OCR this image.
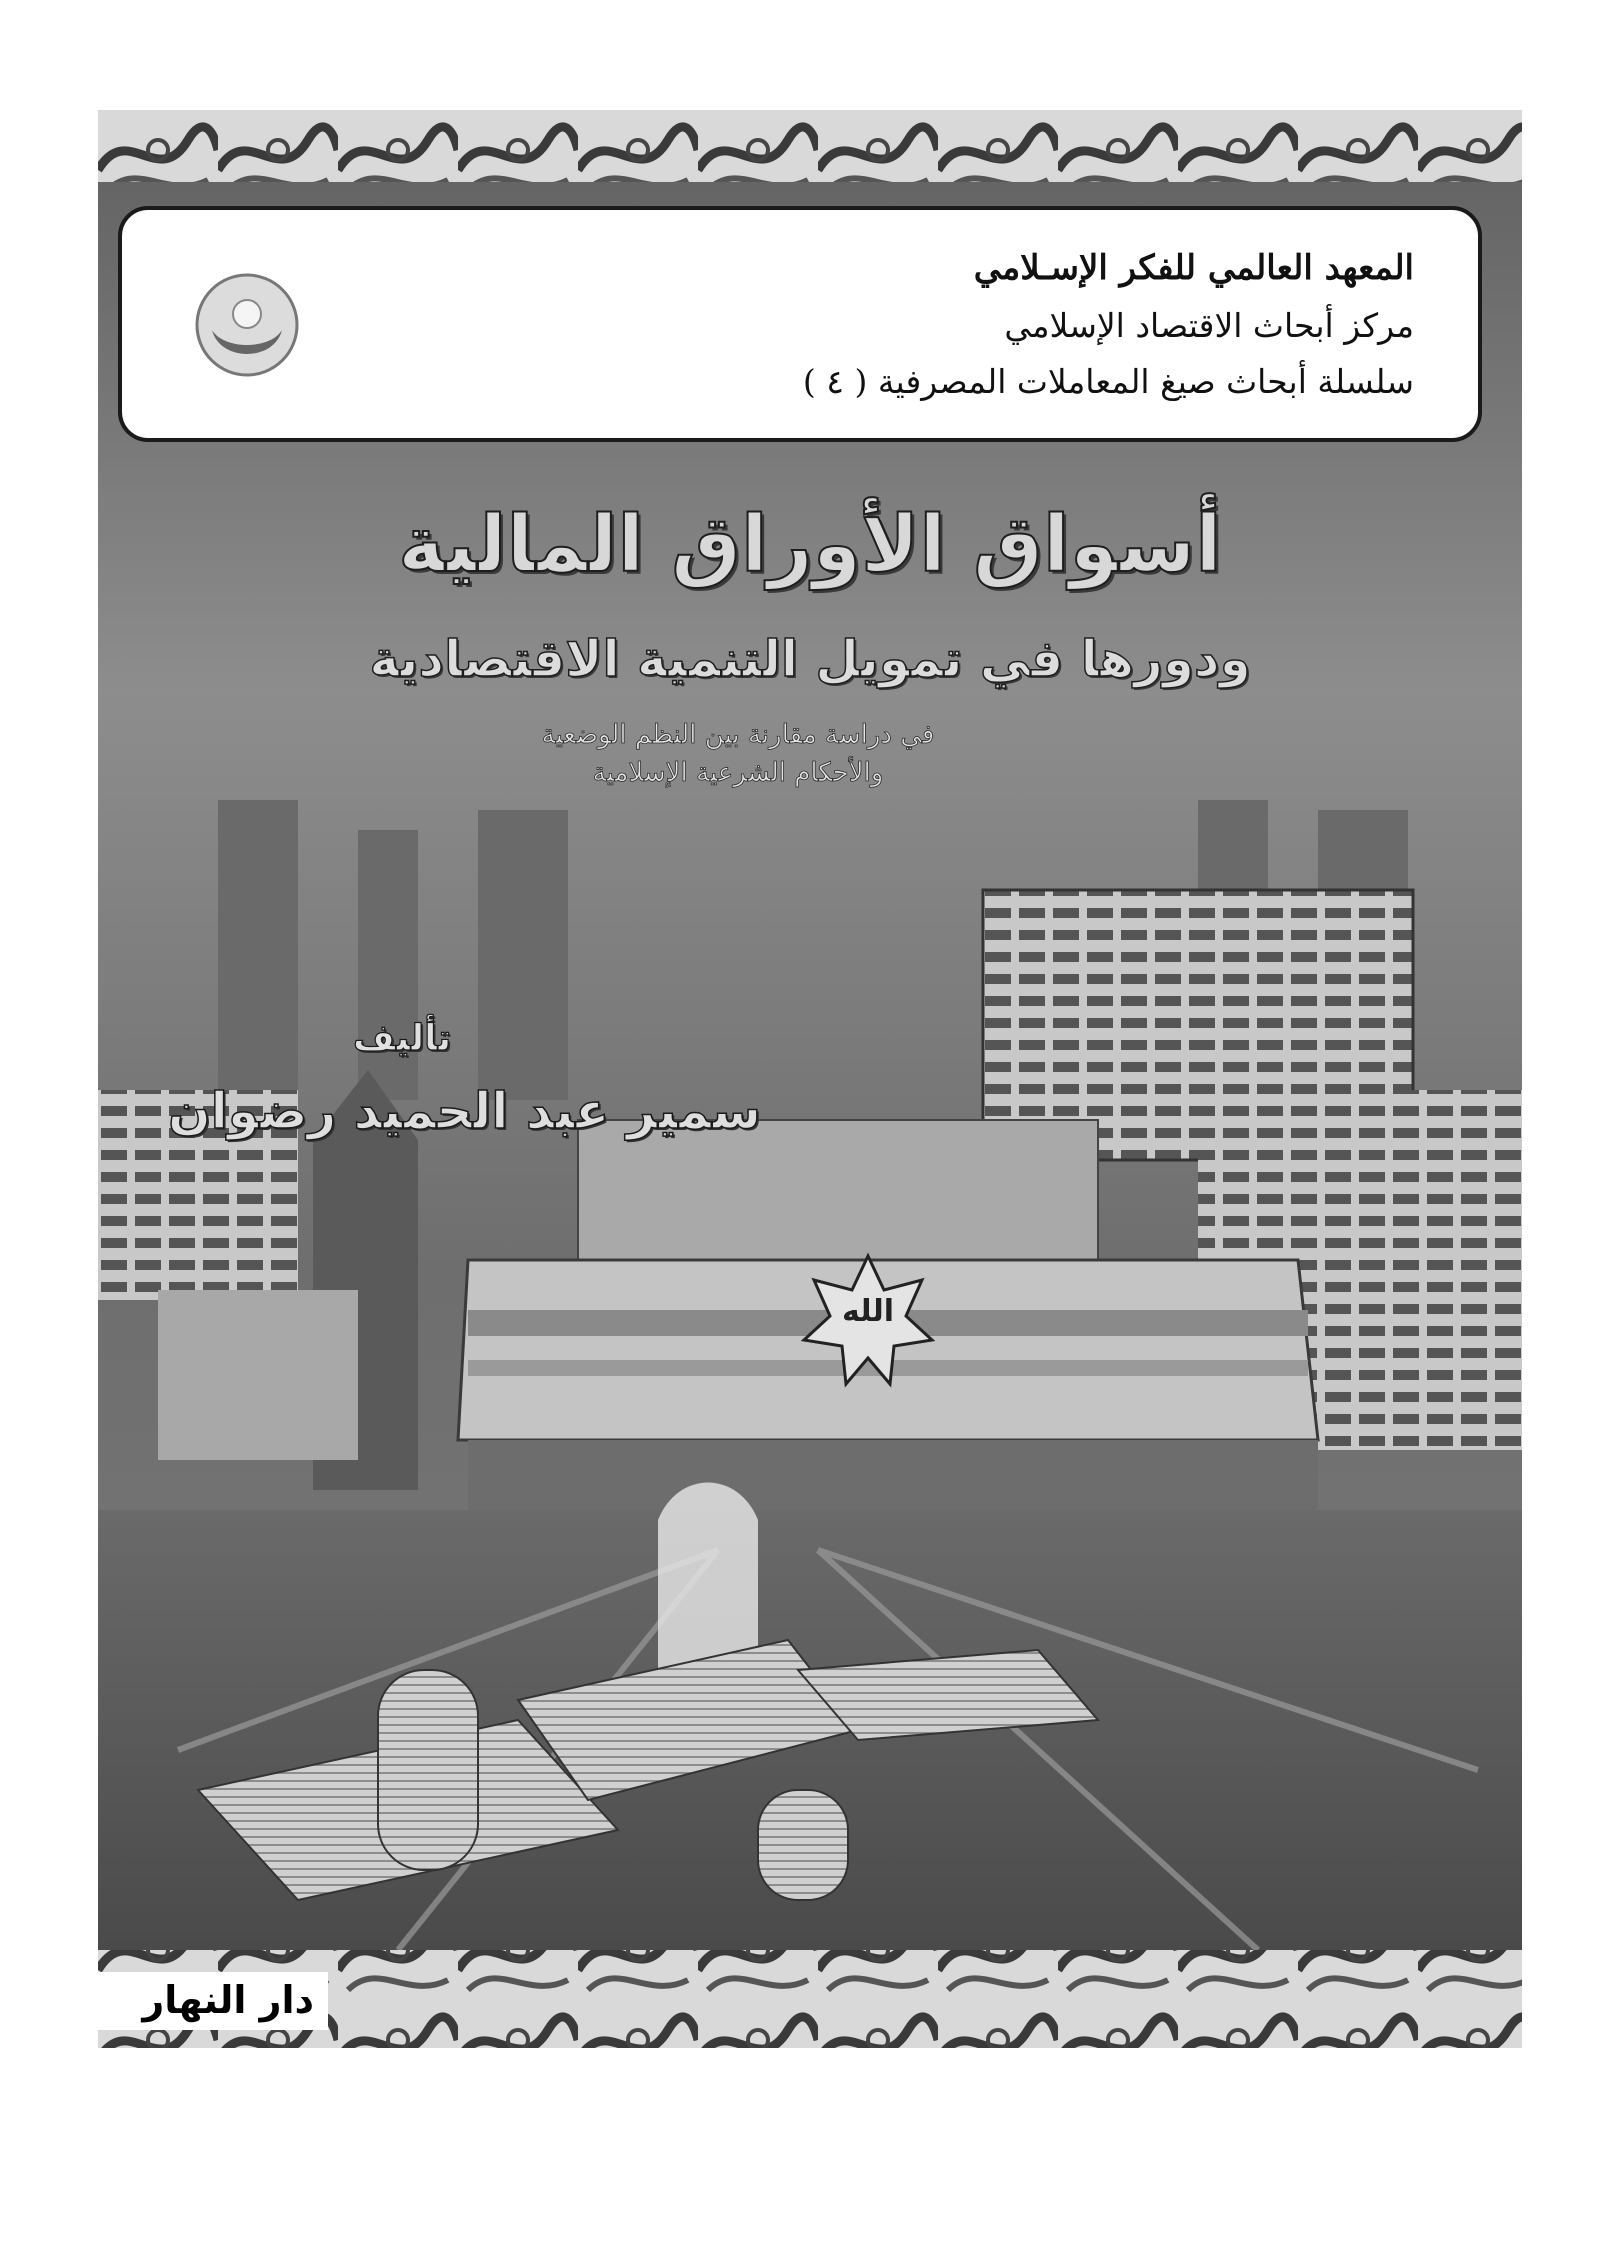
المعهد العالمي للفكر الإسـلامي
مركز أبحاث الاقتصاد الإسلامي
سلسلة أبحاث صيغ المعاملات المصرفية ( ٤ )
أسواق الأوراق المالية
ودورها في تمويل التنمية الاقتصادية
في دراسة مقارنة بين النظم الوضعية
والأحكام الشرعية الإسلامية
تأليف
سمير عبد الحميد رضوان
الله
دار النهار
